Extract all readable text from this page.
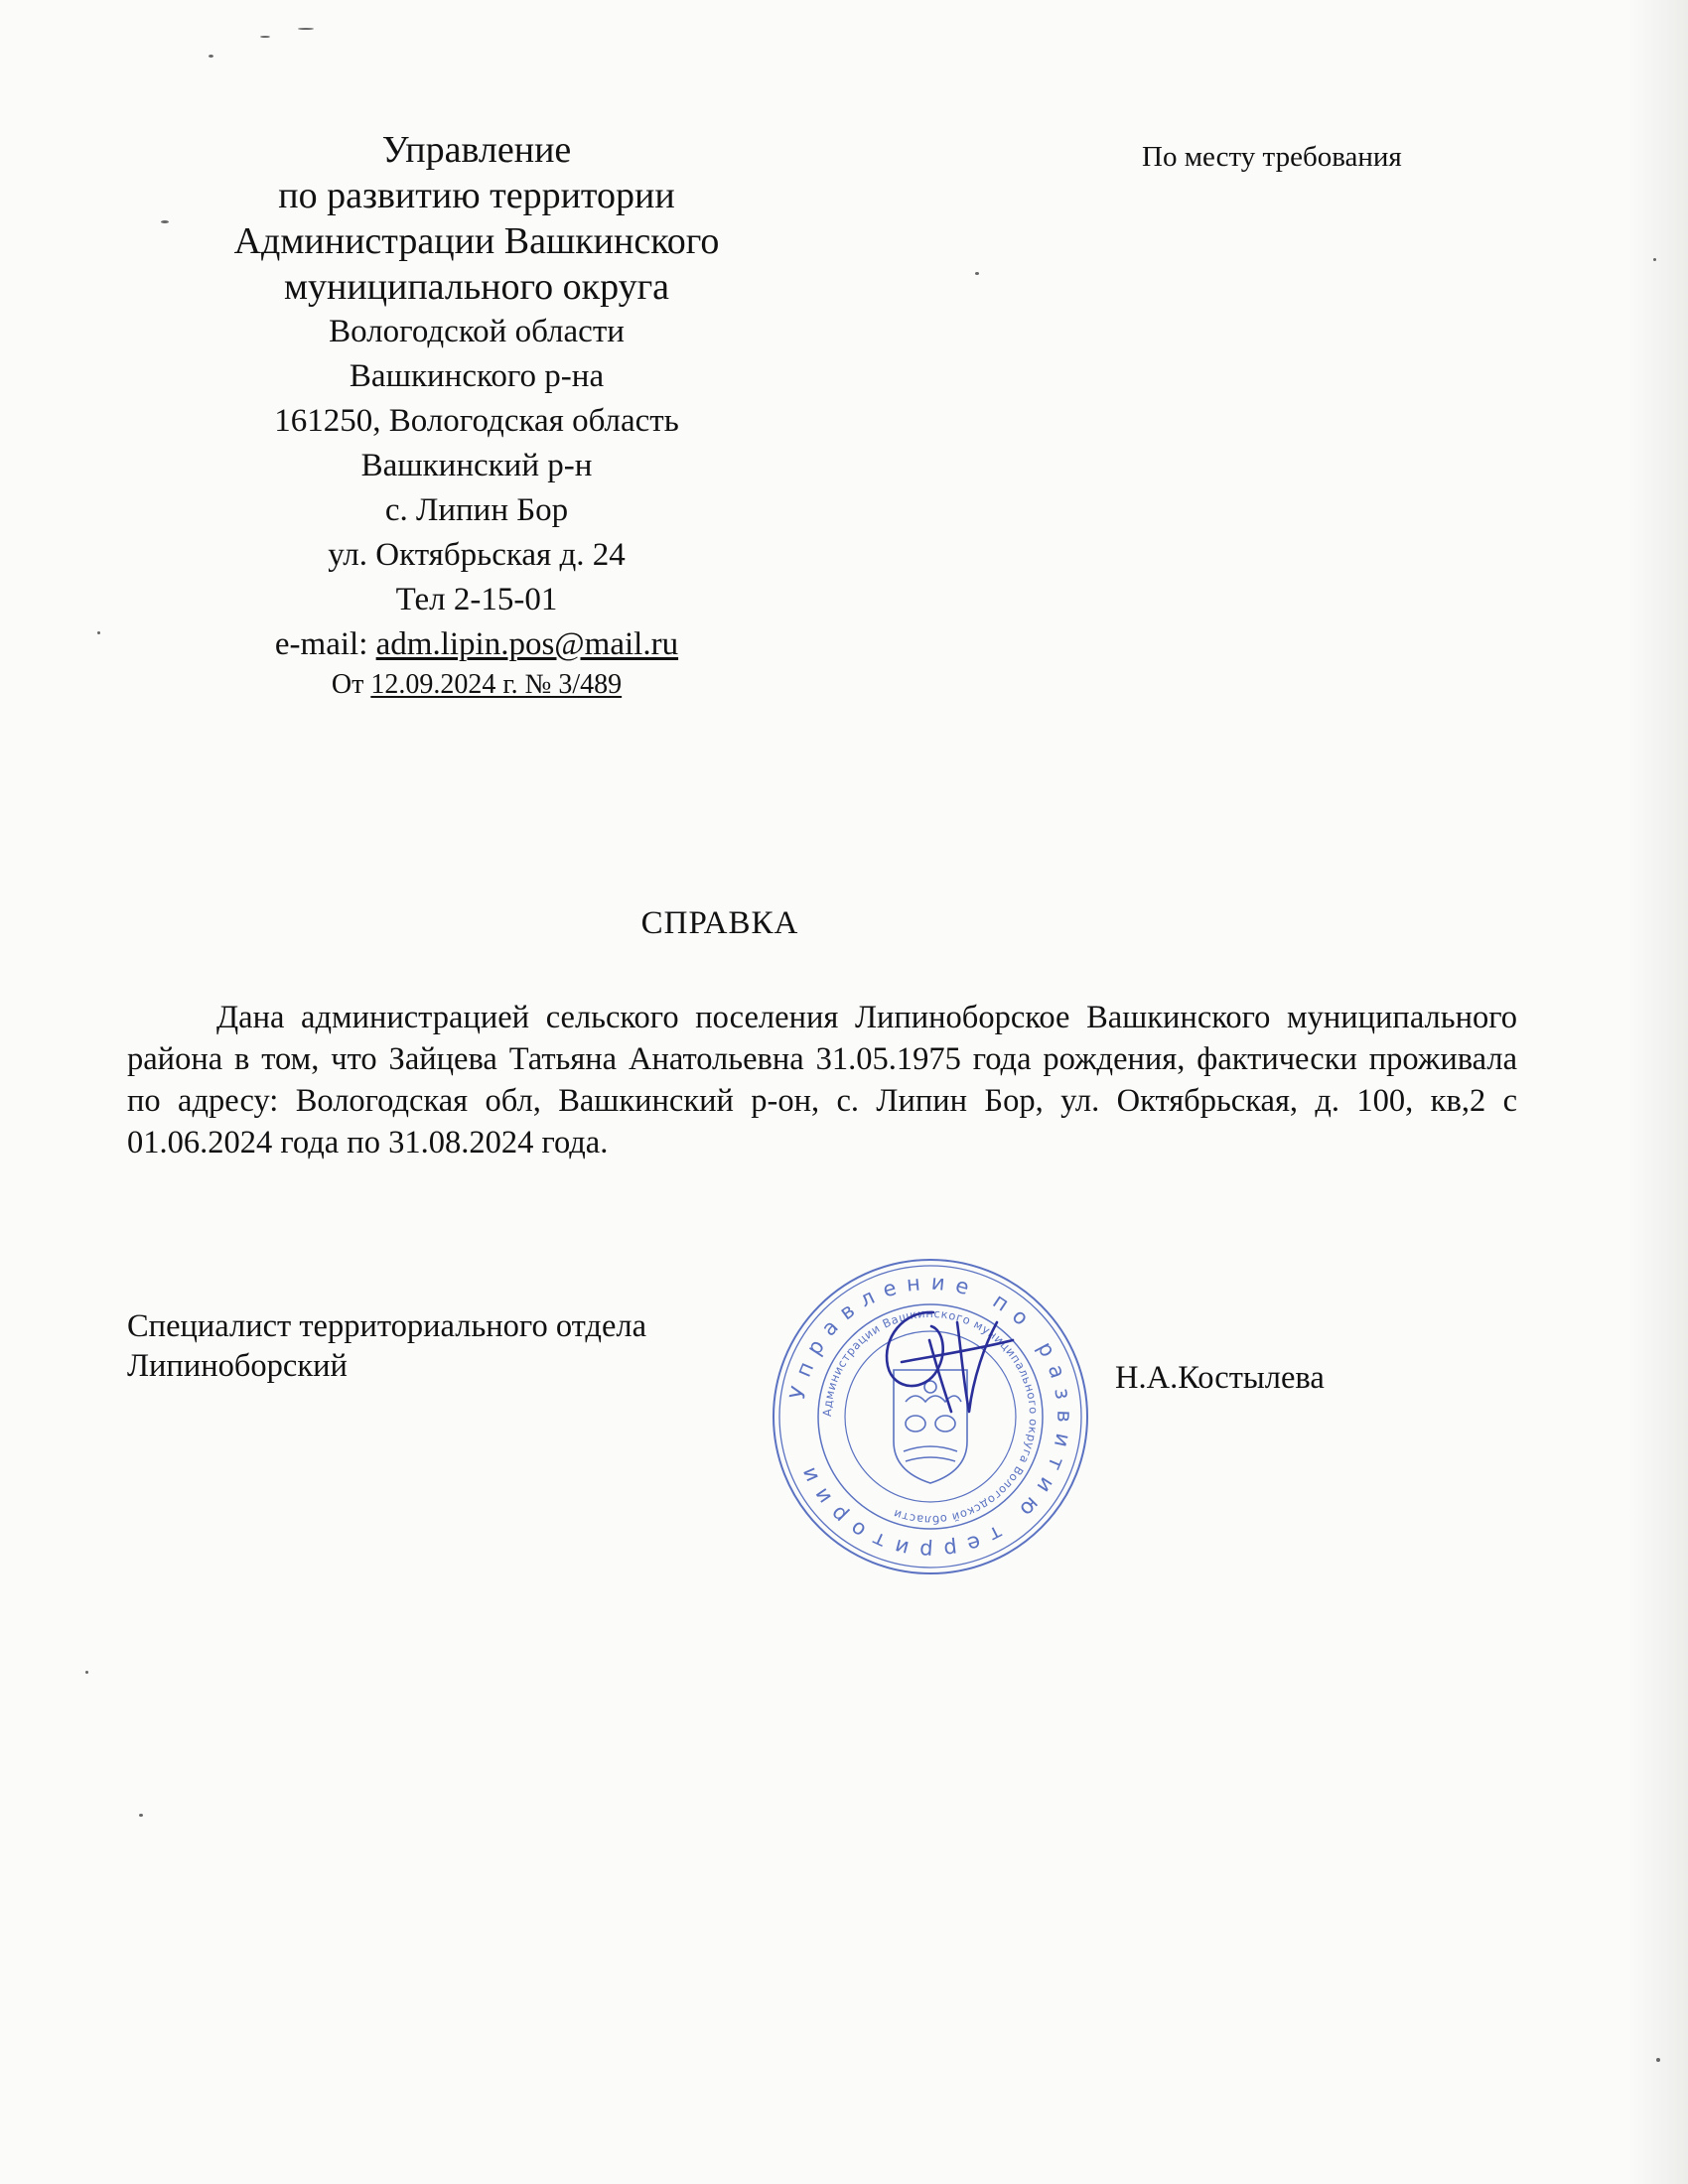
Управление
по развитию территории
Администрации Вашкинского
муниципального округа
Вологодской области
Вашкинского р-на
161250, Вологодская область
Вашкинский р-н
с. Липин Бор
ул. Октябрьская д. 24
Тел 2-15-01
e-mail: adm.lipin.pos@mail.ru
От 12.09.2024 г. № 3/489
По месту требования
СПРАВКА
Дана администрацией сельского поселения Липиноборское Вашкинского муниципального района в том, что Зайцева Татьяна Анатольевна 31.05.1975 года рождения, фактически проживала по адресу: Вологодская обл, Вашкинский р-он, с. Липин Бор, ул. Октябрьская, д. 100, кв,2 с 01.06.2024 года по 31.08.2024 года.
Специалист территориального отдела
Липиноборский	Н.А.Костылева
Управление по развитию территории
Администрации Вашкинского муниципального округа Вологодской области
